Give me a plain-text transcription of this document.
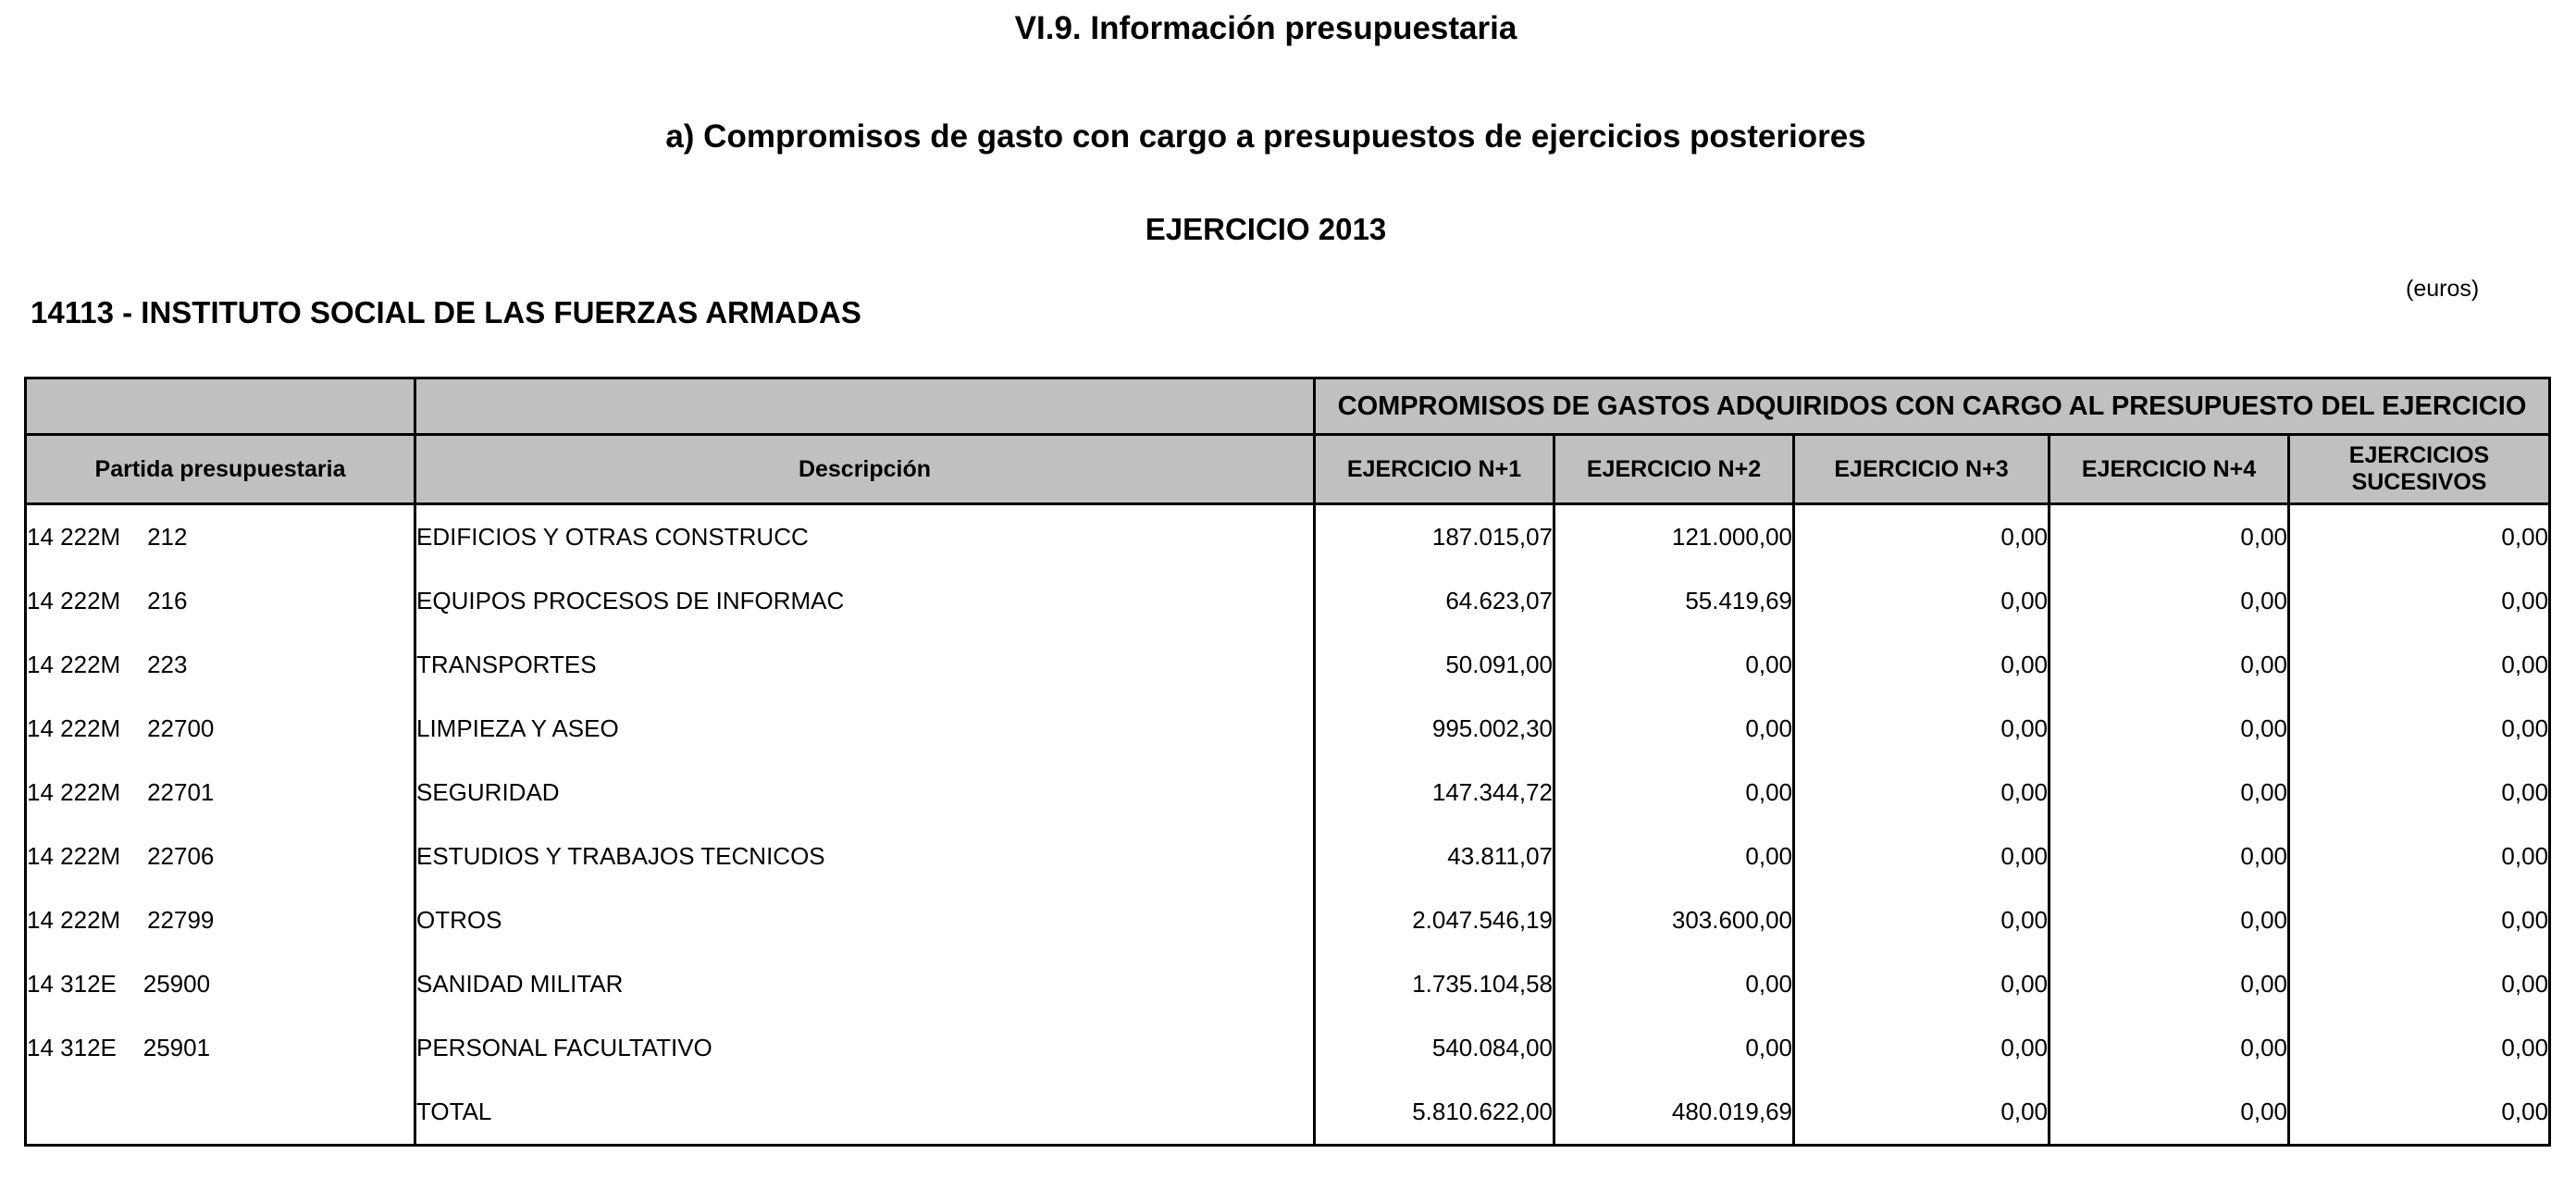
VI.9. Información presupuestaria
a) Compromisos de gasto con cargo a presupuestos de ejercicios posteriores
EJERCICIO 2013
14113 - INSTITUTO SOCIAL DE LAS FUERZAS ARMADAS
(euros)
		COMPROMISOS DE GASTOS ADQUIRIDOS CON CARGO AL PRESUPUESTO DEL EJERCICIO				
Partida presupuestaria	Descripción	EJERCICIO N+1	EJERCICIO N+2	EJERCICIO N+3	EJERCICIO N+4	EJERCICIOS SUCESIVOS
14 222M    212	EDIFICIOS Y OTRAS CONSTRUCC	187.015,07	121.000,00	0,00	0,00	0,00
14 222M    216	EQUIPOS PROCESOS DE INFORMAC	64.623,07	55.419,69	0,00	0,00	0,00
14 222M    223	TRANSPORTES	50.091,00	0,00	0,00	0,00	0,00
14 222M    22700	LIMPIEZA Y ASEO	995.002,30	0,00	0,00	0,00	0,00
14 222M    22701	SEGURIDAD	147.344,72	0,00	0,00	0,00	0,00
14 222M    22706	ESTUDIOS Y TRABAJOS TECNICOS	43.811,07	0,00	0,00	0,00	0,00
14 222M    22799	OTROS	2.047.546,19	303.600,00	0,00	0,00	0,00
14 312E    25900	SANIDAD MILITAR	1.735.104,58	0,00	0,00	0,00	0,00
14 312E    25901	PERSONAL FACULTATIVO	540.084,00	0,00	0,00	0,00	0,00
	TOTAL	5.810.622,00	480.019,69	0,00	0,00	0,00
